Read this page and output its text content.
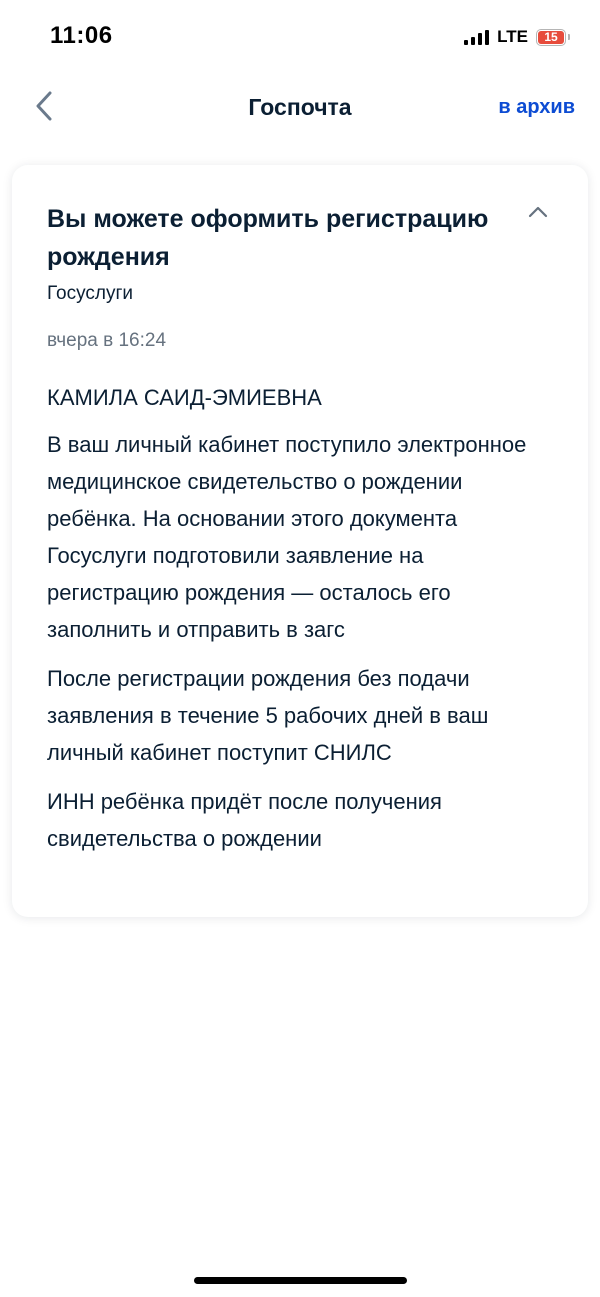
11:06	LTE	15
Госпочта	в архив
Вы можете оформить регистрацию рождения
Госуслуги
вчера в 16:24

КАМИЛА САИД-ЭМИЕВНА

В ваш личный кабинет поступило электронное медицинское свидетельство о рождении ребёнка. На основании этого документа Госуслуги подготовили заявление на регистрацию рождения — осталось его заполнить и отправить в загс

После регистрации рождения без подачи заявления в течение 5 рабочих дней в ваш личный кабинет поступит СНИЛС

ИНН ребёнка придёт после получения свидетельства о рождении
